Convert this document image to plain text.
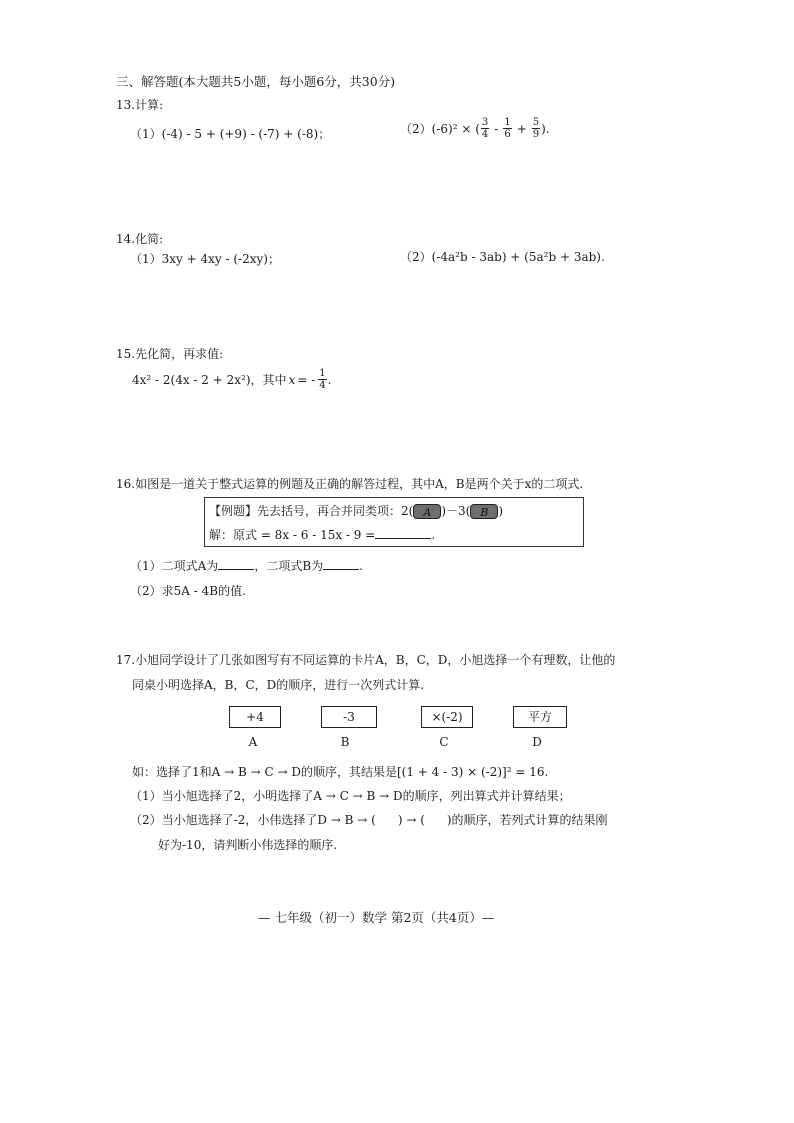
三、解答题(本大题共5小题，每小题6分，共30分)
13.计算:
（1）(-4) - 5 + (+9) - (-7) + (-8)；	（2） (-6)² × ( $\frac{3}{4} - \frac{1}{6} + \frac{5}{9}$ ).
14.化简:
（1）3xy + 4xy - (-2xy)；	（2）(-4a²b - 3ab) + (5a²b + 3ab).
15.先化简，再求值:
4x² - 2(4x - 2 + 2x²)，其中 x = - $\frac{1}{4}$ .
16.如图是一道关于整式运算的例题及正确的解答过程，其中A，B是两个关于x的二项式.
【例题】先去括号，再合并同类项：2( A )－3( B )
解：原式 = 8x - 6 - 15x - 9 =	.
（1）二项式A为	，二项式B为	.
（2）求5A - 4B的值.
17.小旭同学设计了几张如图写有不同运算的卡片A，B，C，D，小旭选择一个有理数，让他的
同桌小明选择A，B，C，D的顺序，进行一次列式计算.
+4	-3	×(-2)	平方
A	B	C	D
如：选择了1和A → B → C → D的顺序，其结果是[(1 + 4 - 3) × (-2)]² = 16.
（1）当小旭选择了2，小明选择了A → C → B → D的顺序，列出算式并计算结果；
（2）当小旭选择了-2，小伟选择了D → B → ( ) → ( )的顺序，若列式计算的结果刚
好为-10，请判断小伟选择的顺序.
— 七年级（初一）数学 第2页（共4页）—
